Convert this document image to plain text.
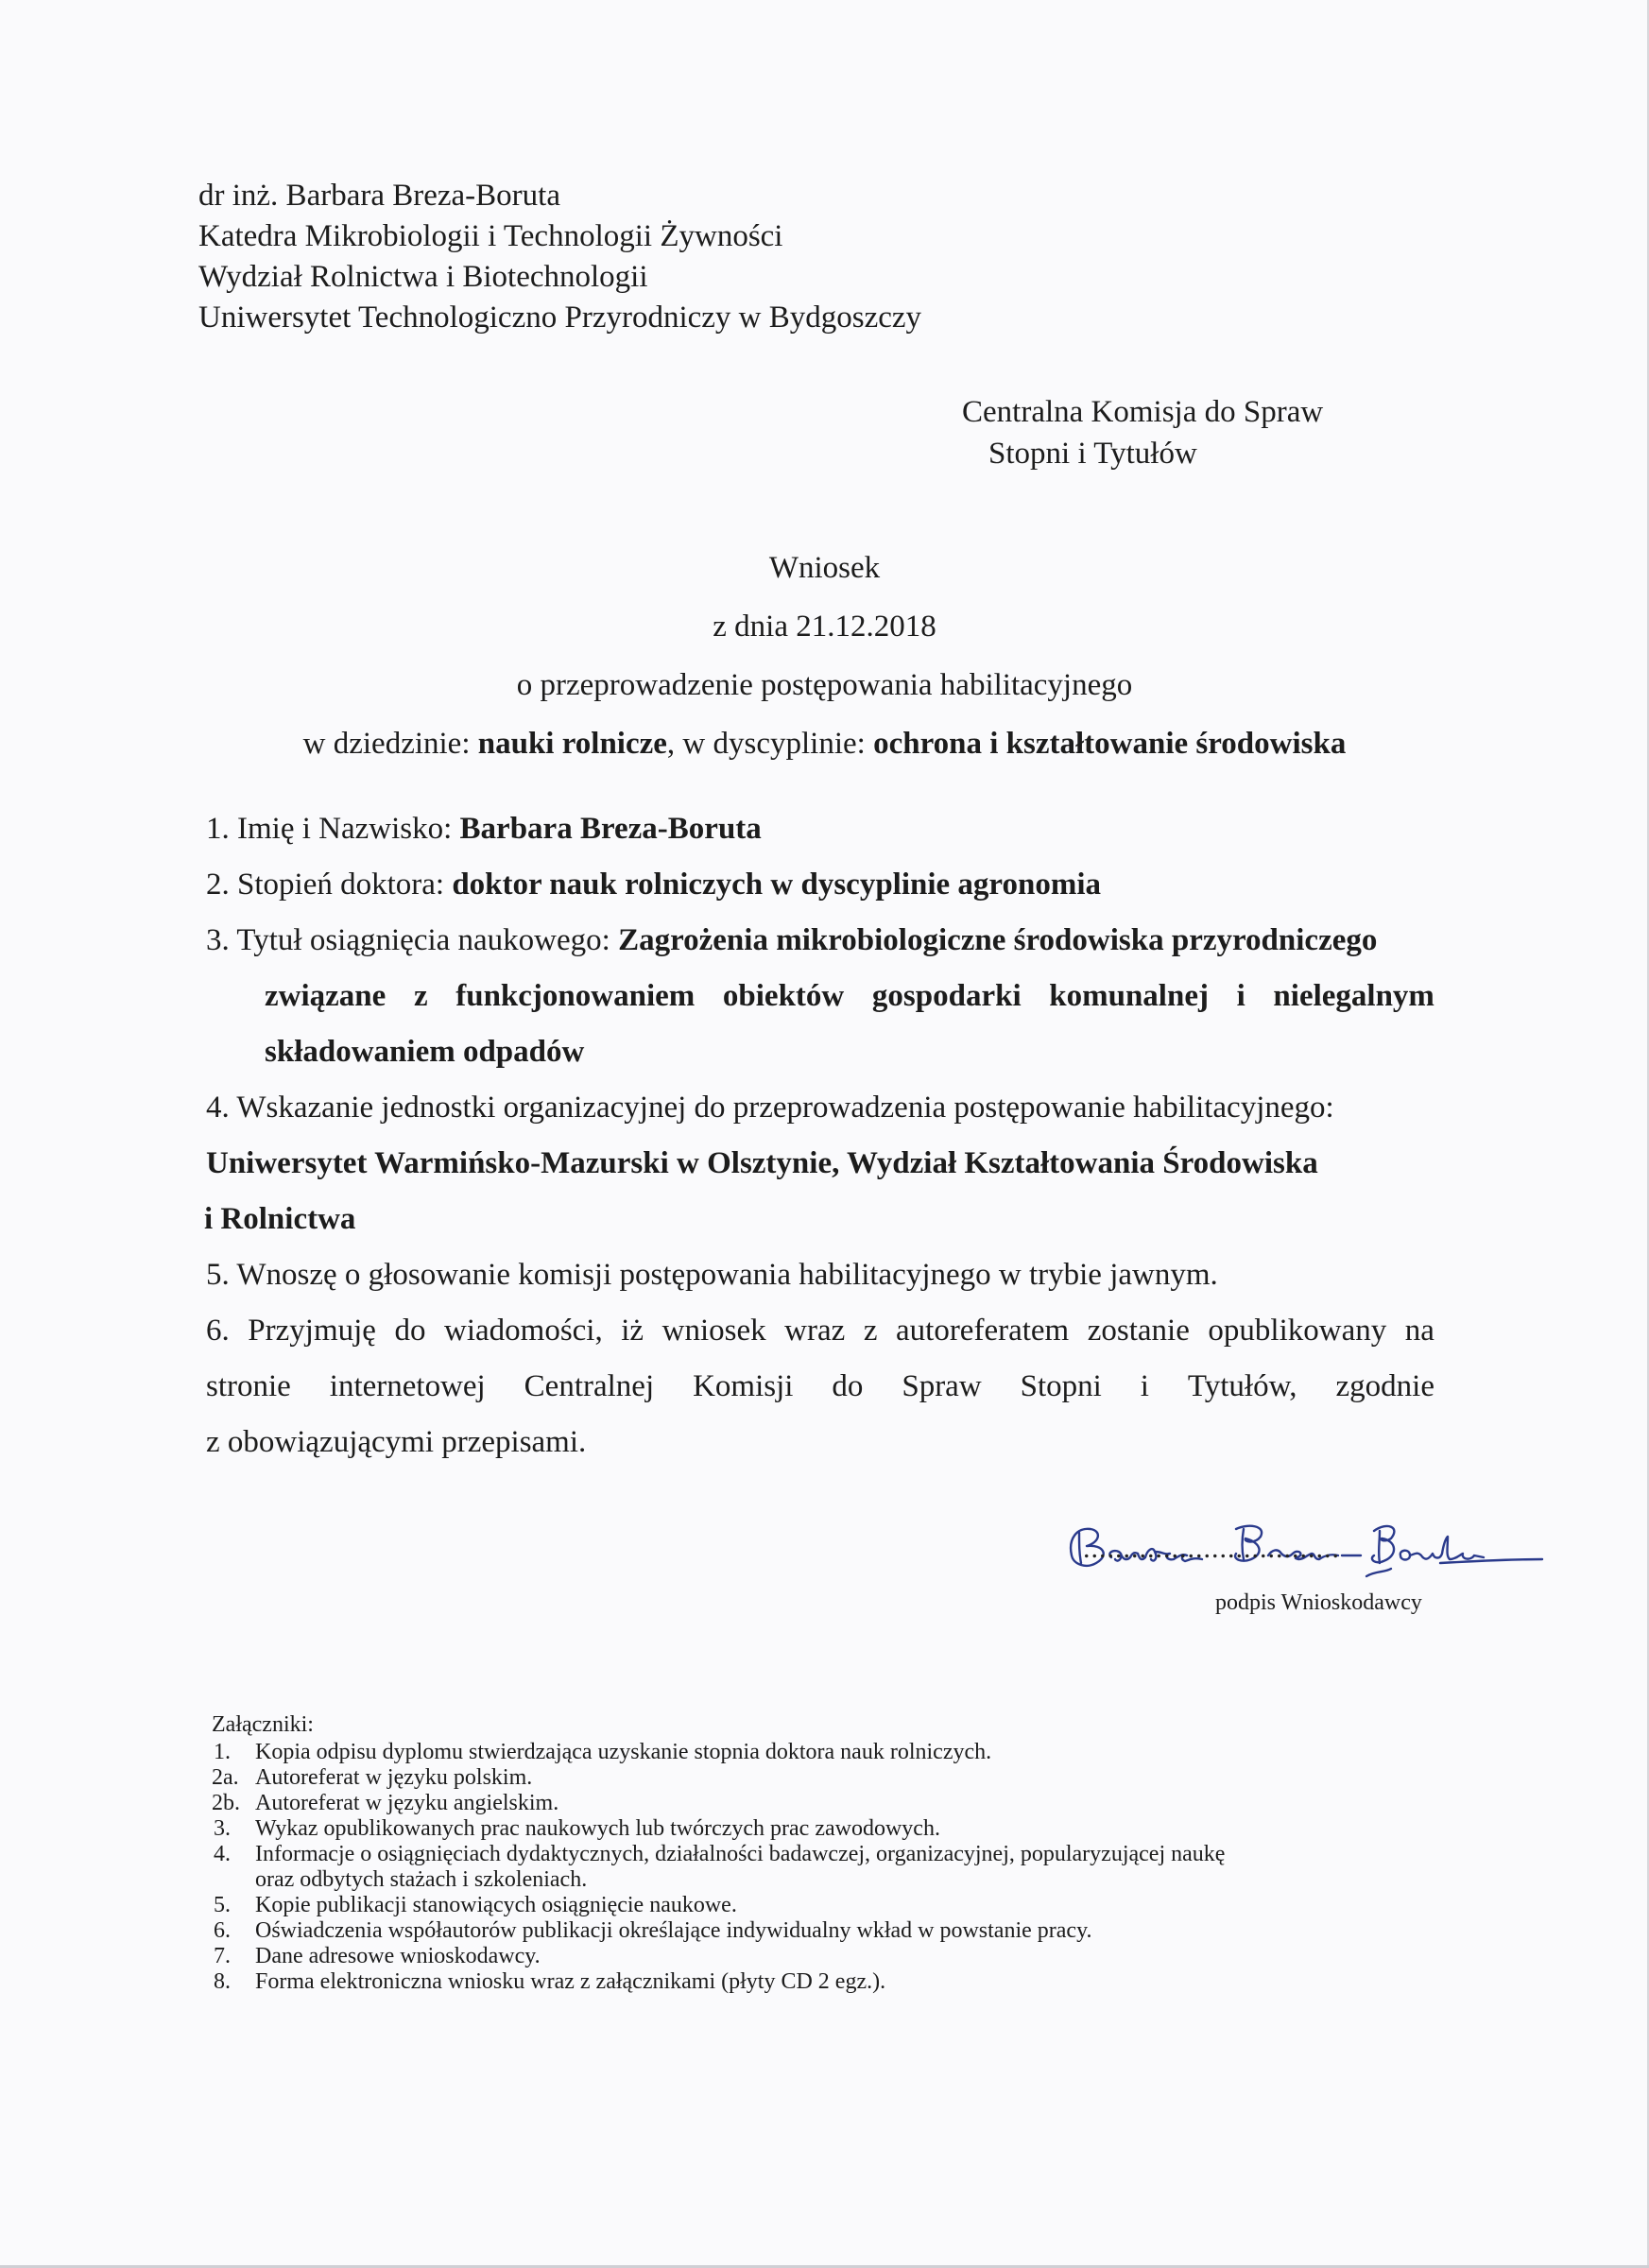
dr inż. Barbara Breza-Boruta
Katedra Mikrobiologii i Technologii Żywności
Wydział Rolnictwa i Biotechnologii
Uniwersytet Technologiczno Przyrodniczy w Bydgoszczy
Centralna Komisja do Spraw
Stopni i Tytułów
Wniosek
z dnia 21.12.2018
o przeprowadzenie postępowania habilitacyjnego
w dziedzinie: nauki rolnicze, w dyscyplinie: ochrona i kształtowanie środowiska
1. Imię i Nazwisko: Barbara Breza-Boruta
2. Stopień doktora: doktor nauk rolniczych w dyscyplinie agronomia
3. Tytuł osiągnięcia naukowego: Zagrożenia mikrobiologiczne środowiska przyrodniczego
związane z funkcjonowaniem obiektów gospodarki komunalnej i nielegalnym
składowaniem odpadów
4. Wskazanie jednostki organizacyjnej do przeprowadzenia postępowanie habilitacyjnego:
Uniwersytet Warmińsko-Mazurski w Olsztynie, Wydział Kształtowania Środowiska
i Rolnictwa
5. Wnoszę o głosowanie komisji postępowania habilitacyjnego w trybie jawnym.
6. Przyjmuję do wiadomości, iż wniosek wraz z autoreferatem zostanie opublikowany na
stronie internetowej Centralnej Komisji do Spraw Stopni i Tytułów, zgodnie
z obowiązującymi przepisami.
................................
podpis Wnioskodawcy
Załączniki:
1.	Kopia odpisu dyplomu stwierdzająca uzyskanie stopnia doktora nauk rolniczych.
2a. Autoreferat w języku polskim.
2b. Autoreferat w języku angielskim.
3.	Wykaz opublikowanych prac naukowych lub twórczych prac zawodowych.
4.	Informacje o osiągnięciach dydaktycznych, działalności badawczej, organizacyjnej, popularyzującej naukę
oraz odbytych stażach i szkoleniach.
5.	Kopie publikacji stanowiących osiągnięcie naukowe.
6.	Oświadczenia współautorów publikacji określające indywidualny wkład w powstanie pracy.
7.	Dane adresowe wnioskodawcy.
8.	Forma elektroniczna wniosku wraz z załącznikami (płyty CD 2 egz.).
